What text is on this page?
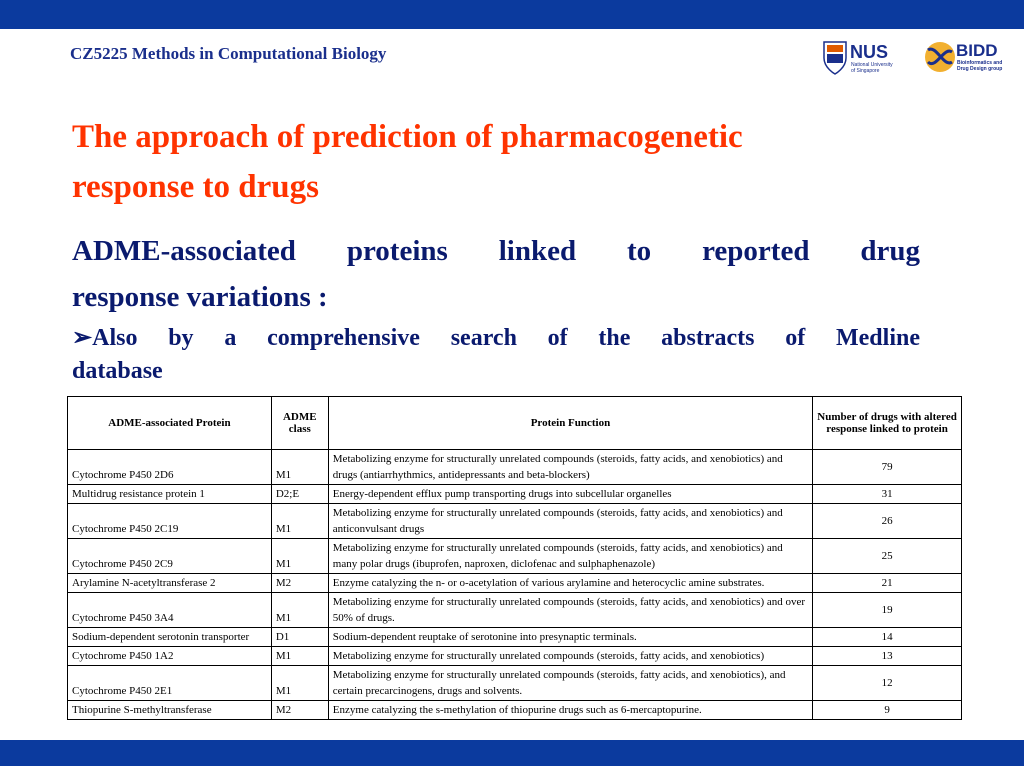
CZ5225 Methods in Computational Biology	NUS
National University
of Singapore
BIDD
Bioinformatics and
Drug Design group
The approach of prediction of pharmacogenetic
response to drugs
ADME-associated proteins linked to reported drug
response variations :
➢Also by a comprehensive search of the abstracts of Medline
database
ADME-associated Protein	ADME class	Protein Function	Number of drugs with altered response linked to protein
Cytochrome P450 2D6	M1	Metabolizing enzyme for structurally unrelated compounds (steroids, fatty acids, and xenobiotics) and drugs (antiarrhythmics, antidepressants and beta-blockers)	79
Multidrug resistance protein 1	D2;E	Energy-dependent efflux pump transporting drugs into subcellular organelles	31
Cytochrome P450 2C19	M1	Metabolizing enzyme for structurally unrelated compounds (steroids, fatty acids, and xenobiotics) and anticonvulsant drugs	26
Cytochrome P450 2C9	M1	Metabolizing enzyme for structurally unrelated compounds (steroids, fatty acids, and xenobiotics) and many polar drugs (ibuprofen, naproxen, diclofenac and sulphaphenazole)	25
Arylamine N-acetyltransferase 2	M2	Enzyme catalyzing the n- or o-acetylation of various arylamine and heterocyclic amine substrates.	21
Cytochrome P450 3A4	M1	Metabolizing enzyme for structurally unrelated compounds (steroids, fatty acids, and xenobiotics) and over 50% of drugs.	19
Sodium-dependent serotonin transporter	D1	Sodium-dependent reuptake of serotonine into presynaptic terminals.	14
Cytochrome P450 1A2	M1	Metabolizing enzyme for structurally unrelated compounds (steroids, fatty acids, and xenobiotics)	13
Cytochrome P450 2E1	M1	Metabolizing enzyme for structurally unrelated compounds (steroids, fatty acids, and xenobiotics), and certain precarcinogens, drugs and solvents.	12
Thiopurine S-methyltransferase	M2	Enzyme catalyzing the s-methylation of thiopurine drugs such as 6-mercaptopurine.	9
